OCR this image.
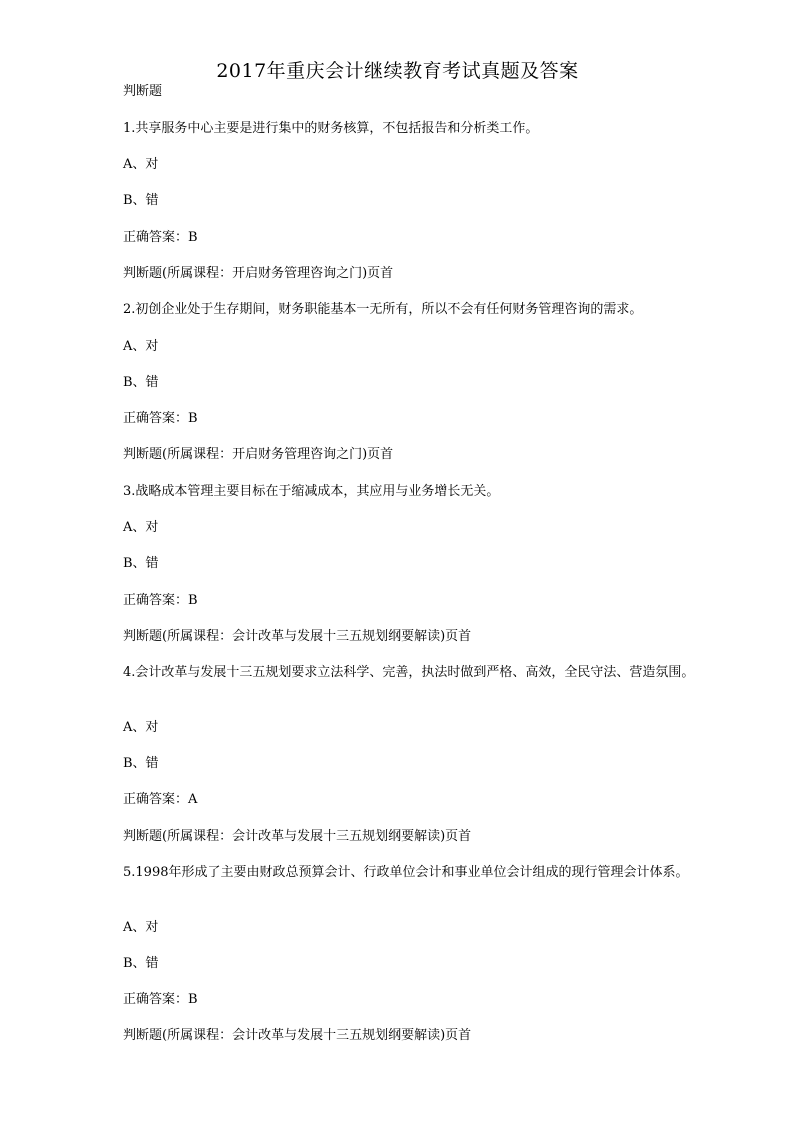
2017年重庆会计继续教育考试真题及答案
判断题
1.共享服务中心主要是进行集中的财务核算，不包括报告和分析类工作。
A、对
B、错
正确答案：B
判断题(所属课程：开启财务管理咨询之门)页首
2.初创企业处于生存期间，财务职能基本一无所有，所以不会有任何财务管理咨询的需求。
A、对
B、错
正确答案：B
判断题(所属课程：开启财务管理咨询之门)页首
3.战略成本管理主要目标在于缩减成本，其应用与业务增长无关。
A、对
B、错
正确答案：B
判断题(所属课程：会计改革与发展十三五规划纲要解读)页首
4.会计改革与发展十三五规划要求立法科学、完善，执法时做到严格、高效，全民守法、营造氛围。
A、对
B、错
正确答案：A
判断题(所属课程：会计改革与发展十三五规划纲要解读)页首
5.1998年形成了主要由财政总预算会计、行政单位会计和事业单位会计组成的现行管理会计体系。
A、对
B、错
正确答案：B
判断题(所属课程：会计改革与发展十三五规划纲要解读)页首
